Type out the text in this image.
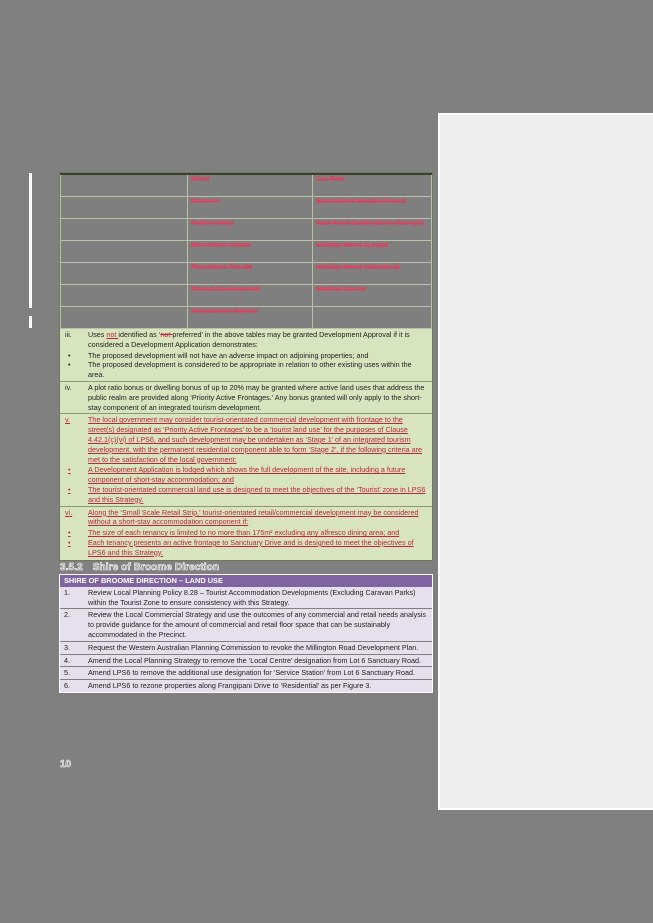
	Motel	Car Park
	Museum	Educational Establishment
	Public Utility	Fast Food Outlet (drive-through)
	Recreation Indoor	Holiday Home (Large)
	Recreation Private	Holiday Home (Standard)
	Tourist Development	Medical Centre
	Amusement Parlour	
iii.	Uses not identified as ‘not preferred’ in the above tables may be granted Development Approval if it is considered a Development Application demonstrates:
•	The proposed development will not have an adverse impact on adjoining properties; and
•	The proposed development is considered to be appropriate in relation to other existing uses within the area.
iv.	A plot ratio bonus or dwelling bonus of up to 20% may be granted where active land uses that address the public realm are provided along ‘Priority Active Frontages.’ Any bonus granted will only apply to the short-stay component of an integrated tourism development.
v.	The local government may consider tourist-orientated commercial development with frontage to the street(s) designated as ‘Priority Active Frontages’ to be a ‘tourist land use’ for the purposes of Clause 4.42.1(c)(vi) of LPS6, and such development may be undertaken as ‘Stage 1’ of an integrated tourism development, with the permanent residential component able to form ‘Stage 2’, if the following criteria are met to the satisfaction of the local government:
•	A Development Application is lodged which shows the full development of the site, including a future component of short-stay accommodation; and
•	The tourist-orientated commercial land use is designed to meet the objectives of the ‘Tourist’ zone in LPS6 and this Strategy.
vi.	Along the ‘Small Scale Retail Strip,’ tourist-orientated retail/commercial development may be considered without a short-stay accommodation component if:
•	The size of each tenancy is limited to no more than 175m² excluding any alfresco dining area; and
•	Each tenancy presents an active frontage to Sanctuary Drive and is designed to meet the objectives of LPS6 and this Strategy.
3.5.2 Shire of Broome Direction
SHIRE OF BROOME DIRECTION – LAND USE
1.	Review Local Planning Policy 8.28 – Tourist Accommodation Developments (Excluding Caravan Parks) within the Tourist Zone to ensure consistency with this Strategy.
2.	Review the Local Commercial Strategy and use the outcomes of any commercial and retail needs analysis to provide guidance for the amount of commercial and retail floor space that can be sustainably accommodated in the Precinct.
3.	Request the Western Australian Planning Commission to revoke the Millington Road Development Plan.
4.	Amend the Local Planning Strategy to remove the ‘Local Centre’ designation from Lot 6 Sanctuary Road.
5.	Amend LPS6 to remove the additional use designation for ‘Service Station’ from Lot 6 Sanctuary Road.
6.	Amend LPS6 to rezone properties along Frangipani Drive to ‘Residential’ as per Figure 3.
10
